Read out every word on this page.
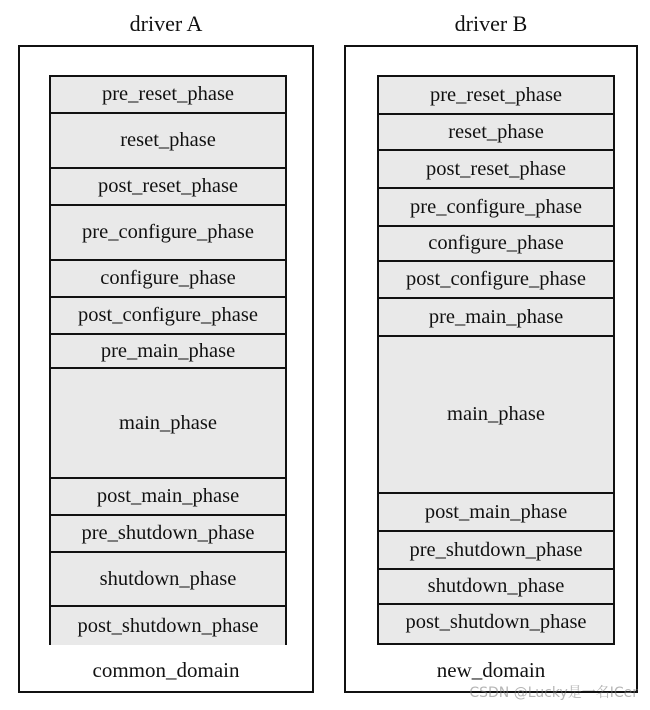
driver A
pre_reset_phase
reset_phase
post_reset_phase
pre_configure_phase
configure_phase
post_configure_phase
pre_main_phase
main_phase
post_main_phase
pre_shutdown_phase
shutdown_phase
post_shutdown_phase
common_domain
driver B
pre_reset_phase
reset_phase
post_reset_phase
pre_configure_phase
configure_phase
post_configure_phase
pre_main_phase
main_phase
post_main_phase
pre_shutdown_phase
shutdown_phase
post_shutdown_phase
new_domain
CSDN @Lucky是一名ICer
